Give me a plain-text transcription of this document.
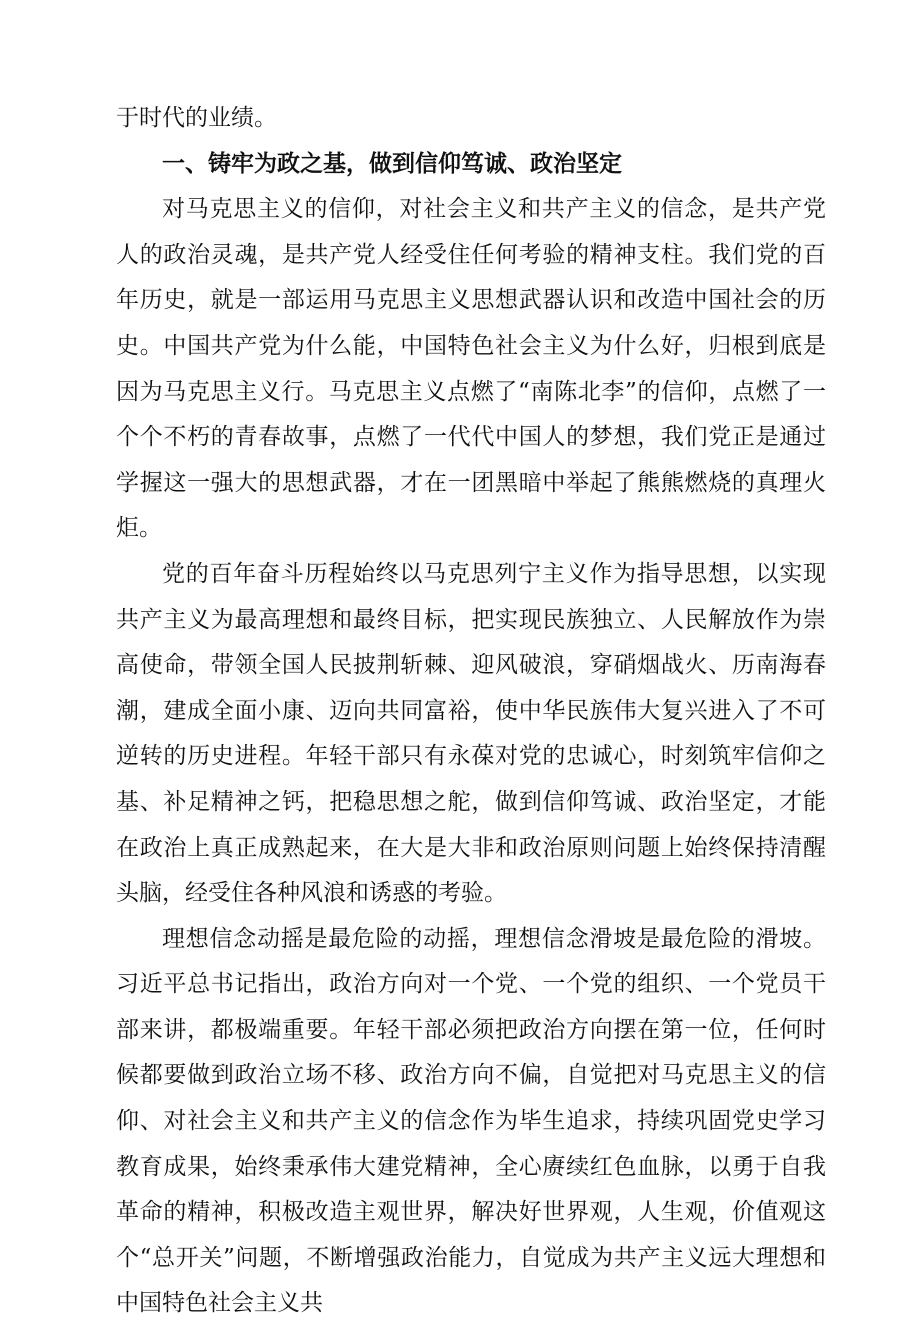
于时代的业绩。

一、铸牢为政之基，做到信仰笃诚、政治坚定

对马克思主义的信仰，对社会主义和共产主义的信念，是共产党人的政治灵魂，是共产党人经受住任何考验的精神支柱。我们党的百年历史，就是一部运用马克思主义思想武器认识和改造中国社会的历史。中国共产党为什么能，中国特色社会主义为什么好，归根到底是因为马克思主义行。马克思主义点燃了“南陈北李”的信仰，点燃了一个个不朽的青春故事，点燃了一代代中国人的梦想，我们党正是通过学握这一强大的思想武器，才在一团黑暗中举起了熊熊燃烧的真理火炬。

党的百年奋斗历程始终以马克思列宁主义作为指导思想，以实现共产主义为最高理想和最终目标，把实现民族独立、人民解放作为崇高使命，带领全国人民披荆斩棘、迎风破浪，穿硝烟战火、历南海春潮，建成全面小康、迈向共同富裕，使中华民族伟大复兴进入了不可逆转的历史进程。年轻干部只有永葆对党的忠诚心，时刻筑牢信仰之基、补足精神之钙，把稳思想之舵，做到信仰笃诚、政治坚定，才能在政治上真正成熟起来，在大是大非和政治原则问题上始终保持清醒头脑，经受住各种风浪和诱惑的考验。

理想信念动摇是最危险的动摇，理想信念滑坡是最危险的滑坡。习近平总书记指出，政治方向对一个党、一个党的组织、一个党员干部来讲，都极端重要。年轻干部必须把政治方向摆在第一位，任何时候都要做到政治立场不移、政治方向不偏，自觉把对马克思主义的信仰、对社会主义和共产主义的信念作为毕生追求，持续巩固党史学习教育成果，始终秉承伟大建党精神，全心赓续红色血脉，以勇于自我革命的精神，积极改造主观世界，解决好世界观，人生观，价值观这个“总开关”问题，不断增强政治能力，自觉成为共产主义远大理想和中国特色社会主义共
